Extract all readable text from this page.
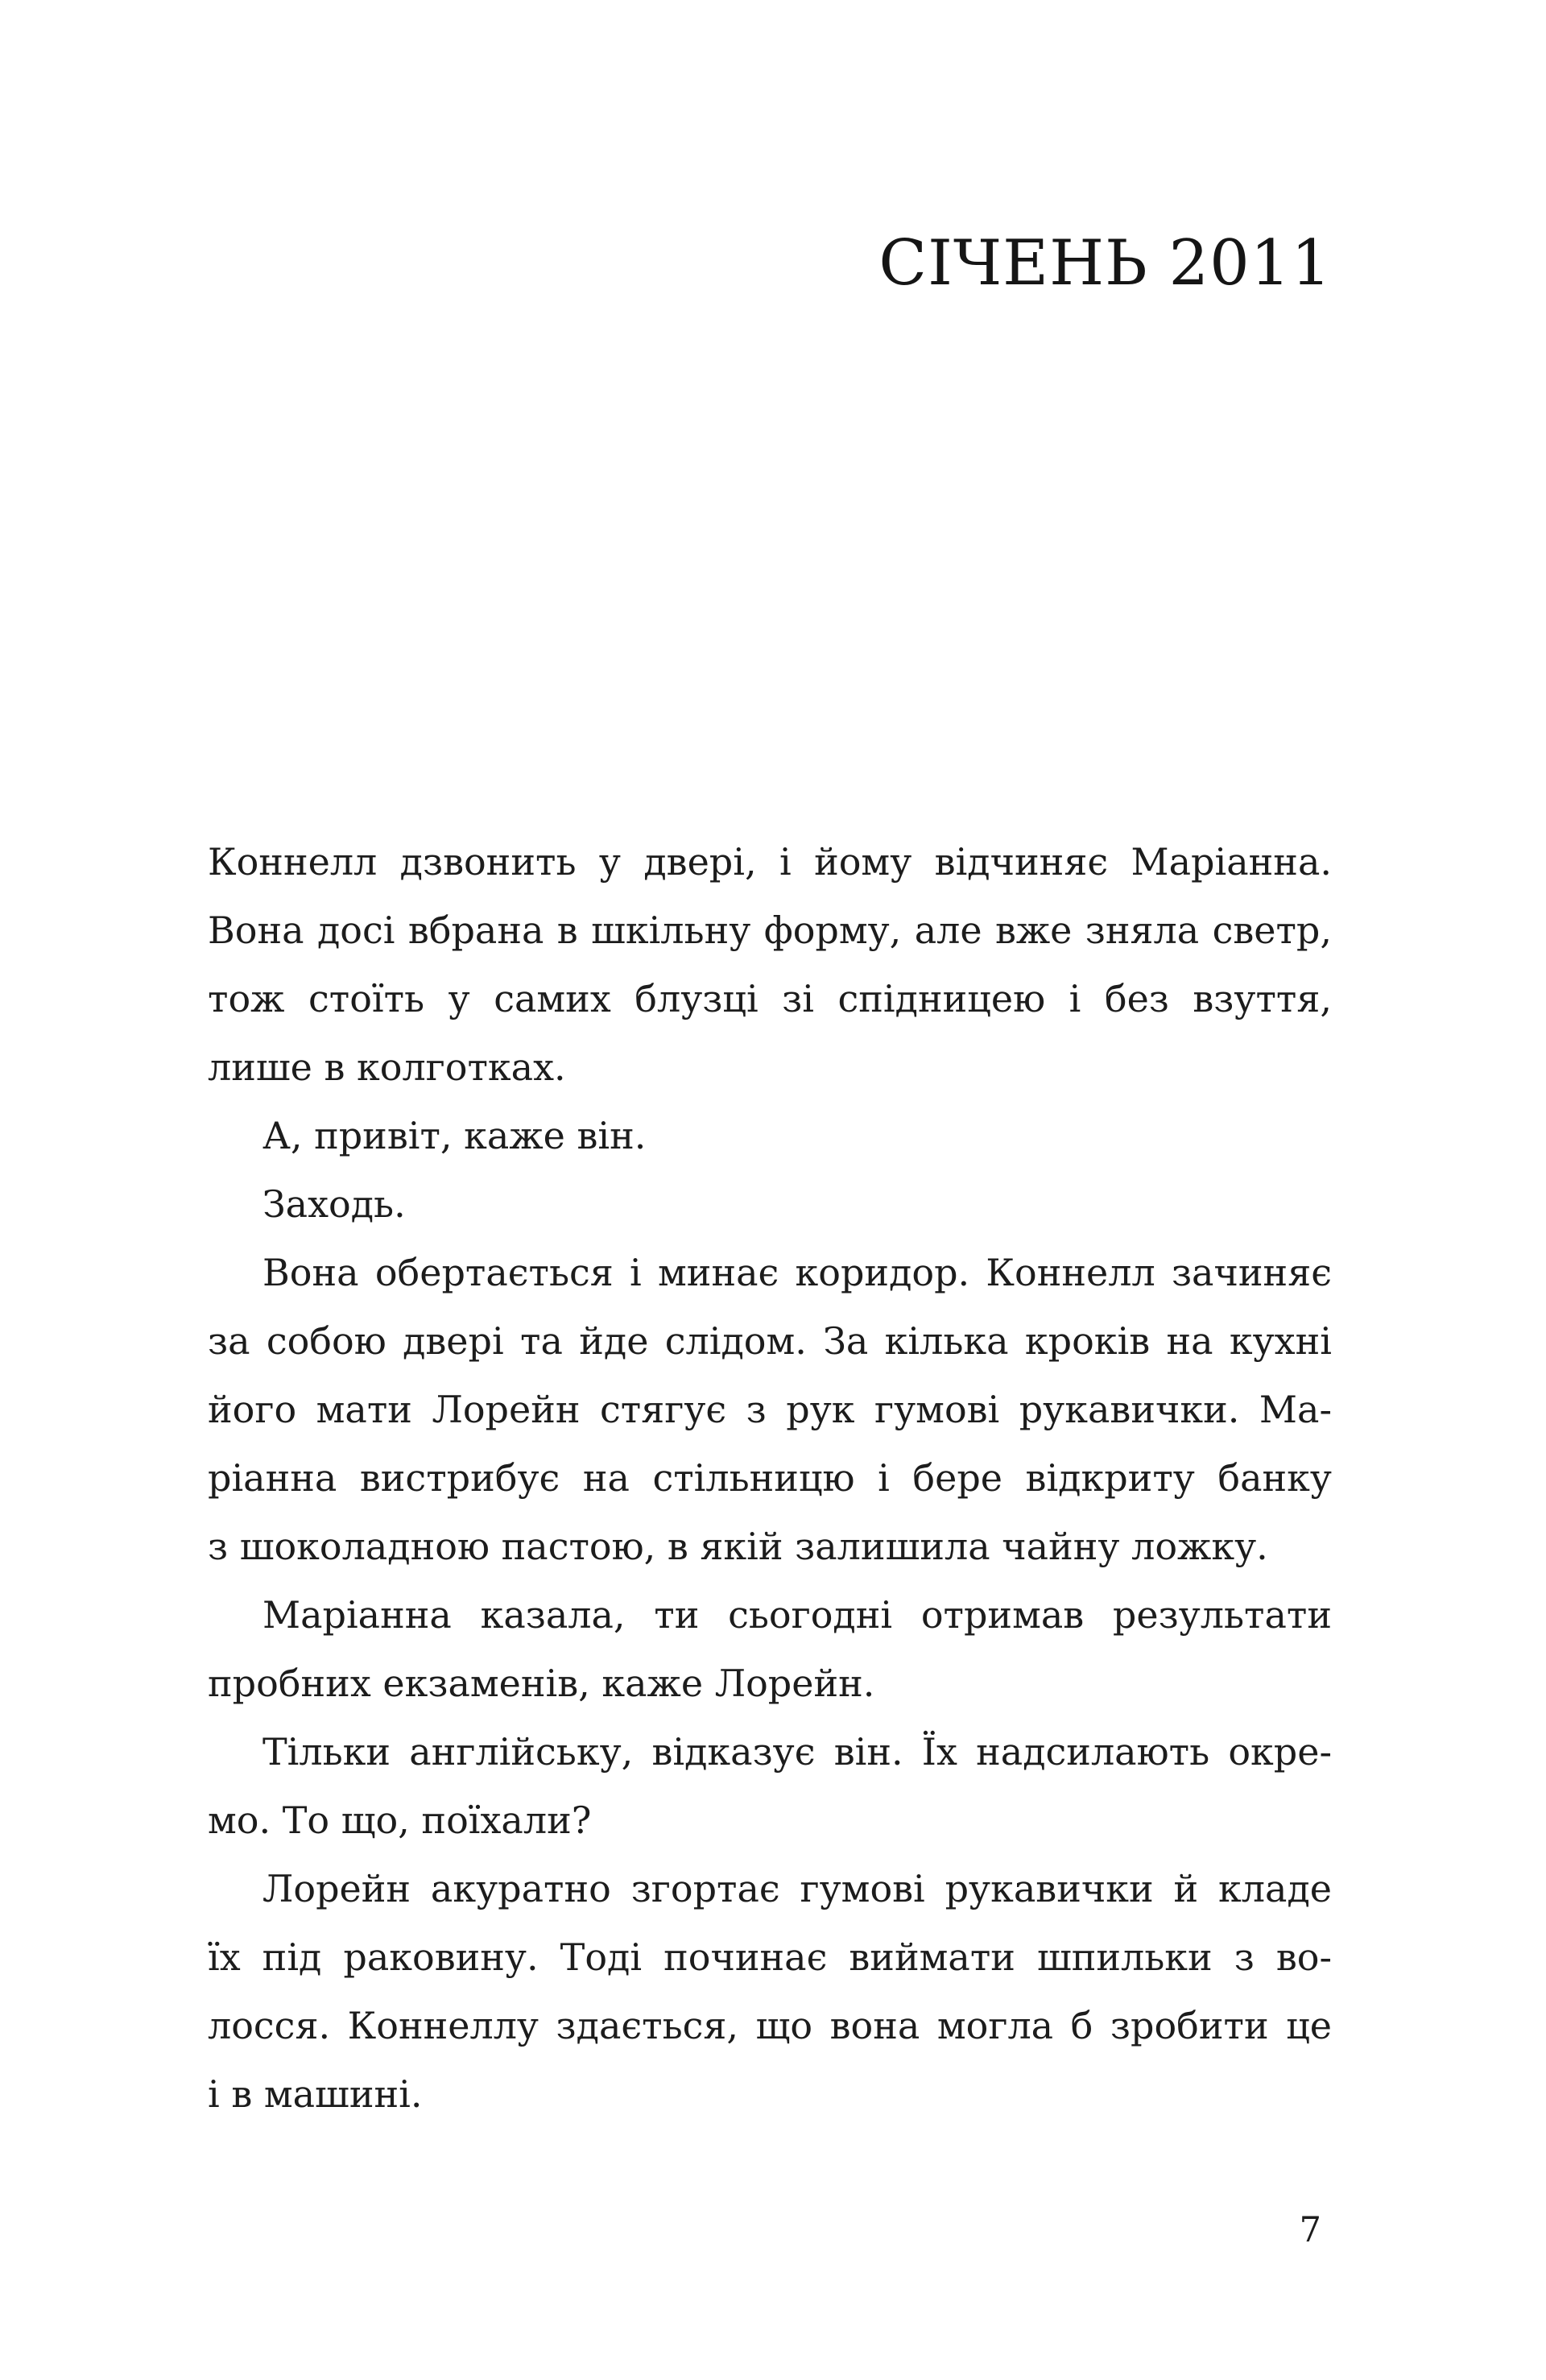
СІЧЕНЬ 2011
Коннелл дзвонить у двері, і йому відчиняє Маріанна.
Вона досі вбрана в шкільну форму, але вже зняла светр,
тож стоїть у самих блузці зі спідницею і без взуття,
лише в колготках.
А, привіт, каже він.
Заходь.
Вона обертається і минає коридор. Коннелл зачиняє
за собою двері та йде слідом. За кілька кроків на кухні
його мати Лорейн стягує з рук гумові рукавички. Ма-
ріанна вистрибує на стільницю і бере відкриту банку
з шоколадною пастою, в якій залишила чайну ложку.
Маріанна казала, ти сьогодні отримав результати
пробних екзаменів, каже Лорейн.
Тільки англійську, відказує він. Їх надсилають окре-
мо. То що, поїхали?
Лорейн акуратно згортає гумові рукавички й кладе
їх під раковину. Тоді починає виймати шпильки з во-
лосся. Коннеллу здається, що вона могла б зробити це
і в машині.
7
